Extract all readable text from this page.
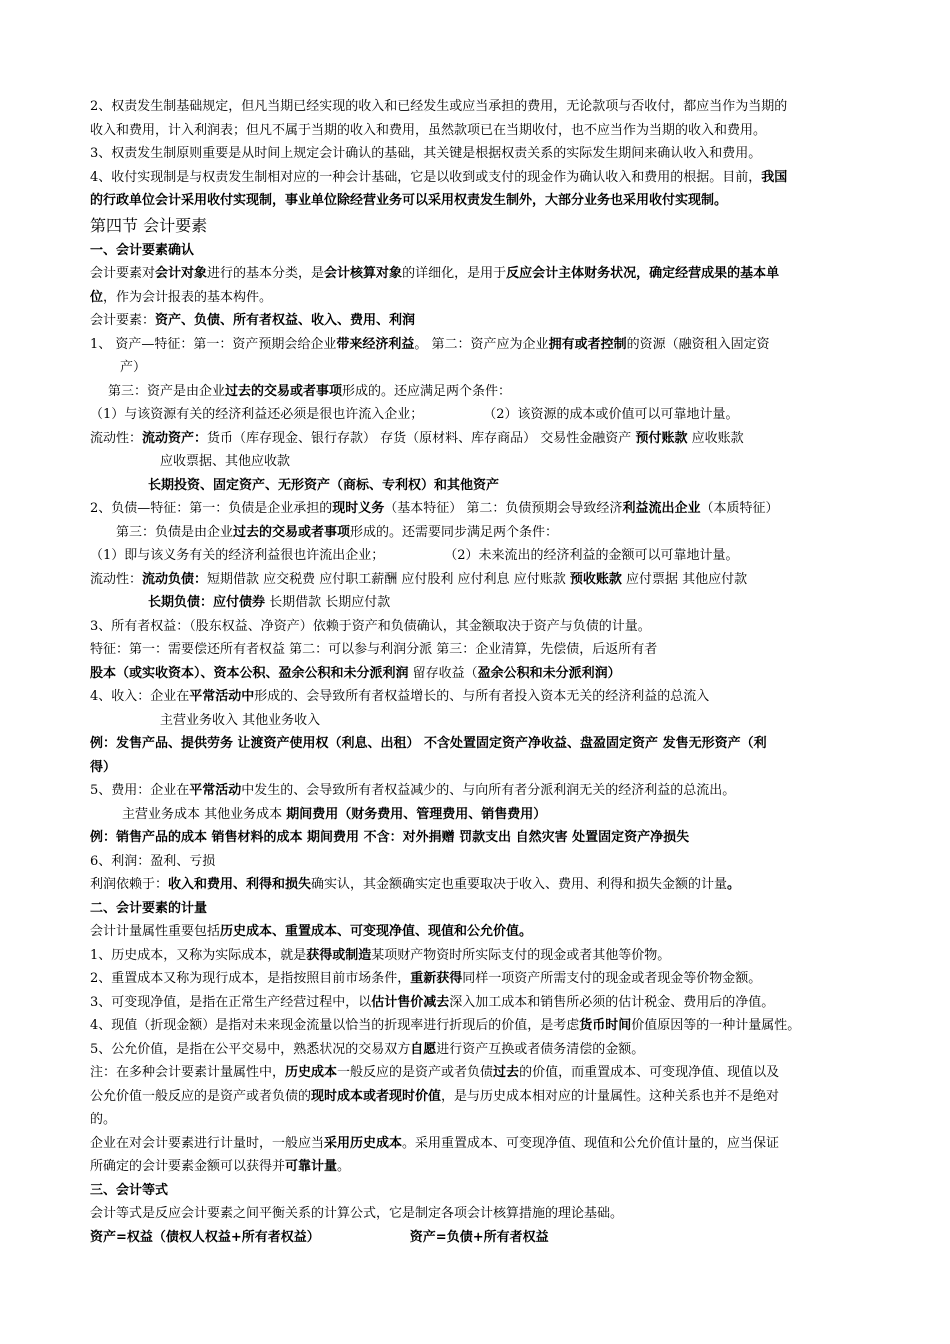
2、权责发生制基础规定，但凡当期已经实现的收入和已经发生或应当承担的费用，无论款项与否收付，都应当作为当期的
收入和费用，计入利润表；但凡不属于当期的收入和费用，虽然款项已在当期收付，也不应当作为当期的收入和费用。
3、权责发生制原则重要是从时间上规定会计确认的基础，其关键是根据权责关系的实际发生期间来确认收入和费用。
4、收付实现制是与权责发生制相对应的一种会计基础，它是以收到或支付的现金作为确认收入和费用的根据。目前，我国
的行政单位会计采用收付实现制，事业单位除经营业务可以采用权责发生制外，大部分业务也采用收付实现制。
第四节 会计要素
一、会计要素确认
会计要素对会计对象进行的基本分类，是会计核算对象的详细化，是用于反应会计主体财务状况，确定经营成果的基本单
位，作为会计报表的基本构件。
会计要素：资产、负债、所有者权益、收入、费用、利润
1、 资产—特征：第一：资产预期会给企业带来经济利益。 第二：资产应为企业拥有或者控制的资源（融资租入固定资
产）
第三：资产是由企业过去的交易或者事项形成的。还应满足两个条件：
（1）与该资源有关的经济利益还必须是很也许流入企业；	（2）该资源的成本或价值可以可靠地计量。
流动性：流动资产：货币（库存现金、银行存款） 存货（原材料、库存商品） 交易性金融资产 预付账款 应收账款
应收票据、其他应收款
长期投资、固定资产、无形资产（商标、专利权）和其他资产
2、负债—特征：第一：负债是企业承担的现时义务（基本特征） 第二：负债预期会导致经济利益流出企业（本质特征）
第三：负债是由企业过去的交易或者事项形成的。还需要同步满足两个条件：
（1）即与该义务有关的经济利益很也许流出企业；	（2）未来流出的经济利益的金额可以可靠地计量。
流动性：流动负债：短期借款 应交税费 应付职工薪酬 应付股利 应付利息 应付账款 预收账款 应付票据 其他应付款
长期负债：应付债券 长期借款 长期应付款
3、所有者权益：（股东权益、净资产）依赖于资产和负债确认，其金额取决于资产与负债的计量。
特征：第一：需要偿还所有者权益 第二：可以参与利润分派 第三：企业清算，先偿债，后返所有者
股本（或实收资本）、资本公积、盈余公积和未分派利润 留存收益（盈余公积和未分派利润）
4、收入：企业在平常活动中形成的、会导致所有者权益增长的、与所有者投入资本无关的经济利益的总流入
主营业务收入 其他业务收入
例：发售产品、提供劳务 让渡资产使用权（利息、出租） 不含处置固定资产净收益、盘盈固定资产 发售无形资产（利
得）
5、费用：企业在平常活动中发生的、会导致所有者权益减少的、与向所有者分派利润无关的经济利益的总流出。
主营业务成本 其他业务成本 期间费用（财务费用、管理费用、销售费用）
例：销售产品的成本 销售材料的成本 期间费用 不含：对外捐赠 罚款支出 自然灾害 处置固定资产净损失
6、利润：盈利、亏损
利润依赖于：收入和费用、利得和损失确实认，其金额确实定也重要取决于收入、费用、利得和损失金额的计量。
二、会计要素的计量
会计计量属性重要包括历史成本、重置成本、可变现净值、现值和公允价值。
1、历史成本，又称为实际成本，就是获得或制造某项财产物资时所实际支付的现金或者其他等价物。
2、重置成本又称为现行成本，是指按照目前市场条件，重新获得同样一项资产所需支付的现金或者现金等价物金额。
3、可变现净值，是指在正常生产经营过程中，以估计售价减去深入加工成本和销售所必须的估计税金、费用后的净值。
4、现值（折现金额）是指对未来现金流量以恰当的折现率进行折现后的价值，是考虑货币时间价值原因等的一种计量属性。
5、公允价值，是指在公平交易中，熟悉状况的交易双方自愿进行资产互换或者债务清偿的金额。
注：在多种会计要素计量属性中，历史成本一般反应的是资产或者负债过去的价值，而重置成本、可变现净值、现值以及
公允价值一般反应的是资产或者负债的现时成本或者现时价值，是与历史成本相对应的计量属性。这种关系也并不是绝对
的。
企业在对会计要素进行计量时，一般应当采用历史成本。采用重置成本、可变现净值、现值和公允价值计量的，应当保证
所确定的会计要素金额可以获得并可靠计量。
三、会计等式
会计等式是反应会计要素之间平衡关系的计算公式，它是制定各项会计核算措施的理论基础。
资产=权益（债权人权益+所有者权益）	资产=负债+所有者权益
